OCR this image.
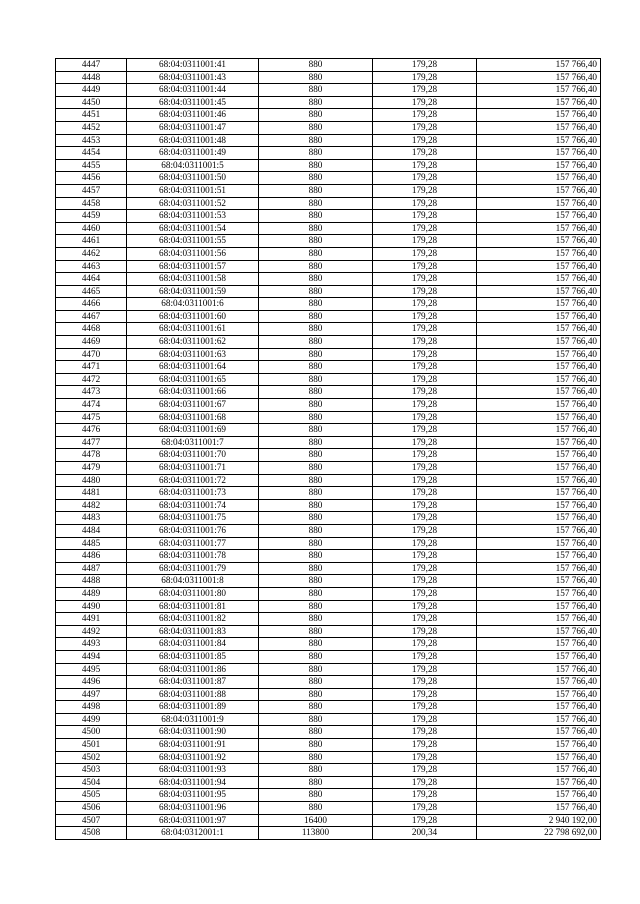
4447	68:04:0311001:41	880	179,28	157 766,40
4448	68:04:0311001:43	880	179,28	157 766,40
4449	68:04:0311001:44	880	179,28	157 766,40
4450	68:04:0311001:45	880	179,28	157 766,40
4451	68:04:0311001:46	880	179,28	157 766,40
4452	68:04:0311001:47	880	179,28	157 766,40
4453	68:04:0311001:48	880	179,28	157 766,40
4454	68:04:0311001:49	880	179,28	157 766,40
4455	68:04:0311001:5	880	179,28	157 766,40
4456	68:04:0311001:50	880	179,28	157 766,40
4457	68:04:0311001:51	880	179,28	157 766,40
4458	68:04:0311001:52	880	179,28	157 766,40
4459	68:04:0311001:53	880	179,28	157 766,40
4460	68:04:0311001:54	880	179,28	157 766,40
4461	68:04:0311001:55	880	179,28	157 766,40
4462	68:04:0311001:56	880	179,28	157 766,40
4463	68:04:0311001:57	880	179,28	157 766,40
4464	68:04:0311001:58	880	179,28	157 766,40
4465	68:04:0311001:59	880	179,28	157 766,40
4466	68:04:0311001:6	880	179,28	157 766,40
4467	68:04:0311001:60	880	179,28	157 766,40
4468	68:04:0311001:61	880	179,28	157 766,40
4469	68:04:0311001:62	880	179,28	157 766,40
4470	68:04:0311001:63	880	179,28	157 766,40
4471	68:04:0311001:64	880	179,28	157 766,40
4472	68:04:0311001:65	880	179,28	157 766,40
4473	68:04:0311001:66	880	179,28	157 766,40
4474	68:04:0311001:67	880	179,28	157 766,40
4475	68:04:0311001:68	880	179,28	157 766,40
4476	68:04:0311001:69	880	179,28	157 766,40
4477	68:04:0311001:7	880	179,28	157 766,40
4478	68:04:0311001:70	880	179,28	157 766,40
4479	68:04:0311001:71	880	179,28	157 766,40
4480	68:04:0311001:72	880	179,28	157 766,40
4481	68:04:0311001:73	880	179,28	157 766,40
4482	68:04:0311001:74	880	179,28	157 766,40
4483	68:04:0311001:75	880	179,28	157 766,40
4484	68:04:0311001:76	880	179,28	157 766,40
4485	68:04:0311001:77	880	179,28	157 766,40
4486	68:04:0311001:78	880	179,28	157 766,40
4487	68:04:0311001:79	880	179,28	157 766,40
4488	68:04:0311001:8	880	179,28	157 766,40
4489	68:04:0311001:80	880	179,28	157 766,40
4490	68:04:0311001:81	880	179,28	157 766,40
4491	68:04:0311001:82	880	179,28	157 766,40
4492	68:04:0311001:83	880	179,28	157 766,40
4493	68:04:0311001:84	880	179,28	157 766,40
4494	68:04:0311001:85	880	179,28	157 766,40
4495	68:04:0311001:86	880	179,28	157 766,40
4496	68:04:0311001:87	880	179,28	157 766,40
4497	68:04:0311001:88	880	179,28	157 766,40
4498	68:04:0311001:89	880	179,28	157 766,40
4499	68:04:0311001:9	880	179,28	157 766,40
4500	68:04:0311001:90	880	179,28	157 766,40
4501	68:04:0311001:91	880	179,28	157 766,40
4502	68:04:0311001:92	880	179,28	157 766,40
4503	68:04:0311001:93	880	179,28	157 766,40
4504	68:04:0311001:94	880	179,28	157 766,40
4505	68:04:0311001:95	880	179,28	157 766,40
4506	68:04:0311001:96	880	179,28	157 766,40
4507	68:04:0311001:97	16400	179,28	2 940 192,00
4508	68:04:0312001:1	113800	200,34	22 798 692,00
